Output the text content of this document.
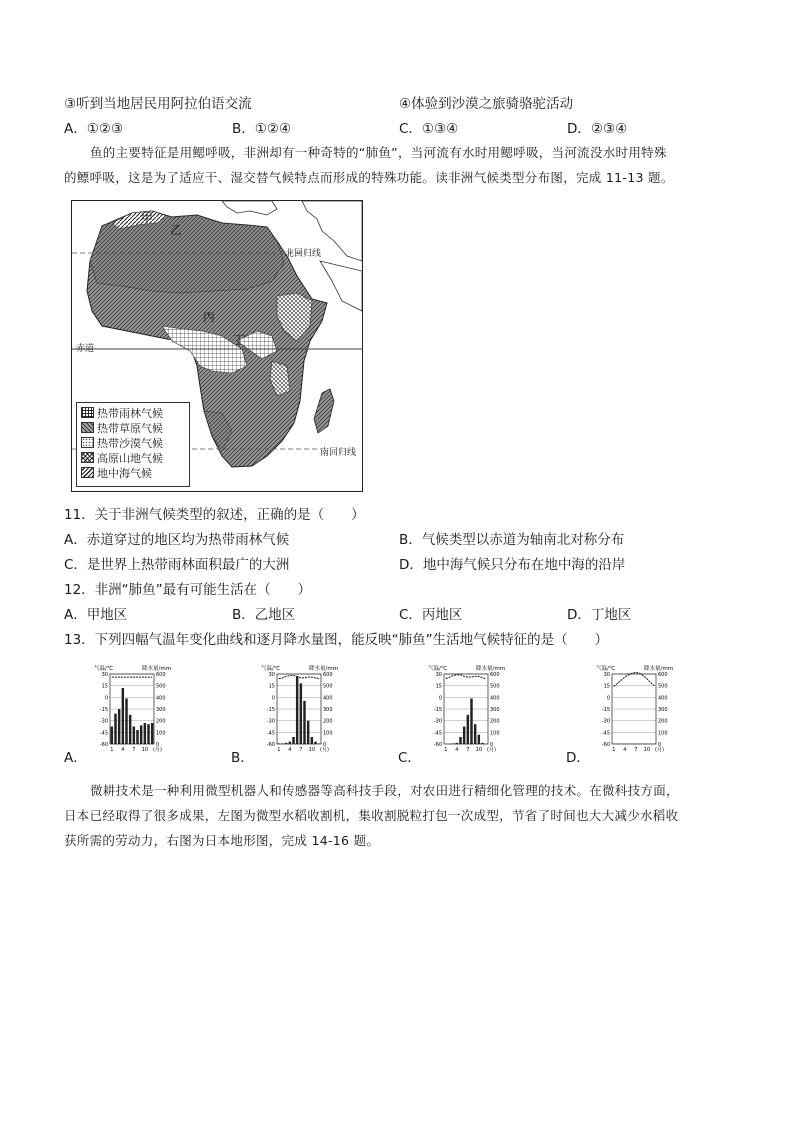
③听到当地居民用阿拉伯语交流	④体验到沙漠之旅骑骆驼活动
A．①②③	B．①②④	C．①③④	D．②③④
鱼的主要特征是用鳃呼吸，非洲却有一种奇特的“肺鱼”，当河流有水时用鳃呼吸，当河流没水时用特殊
的鳔呼吸，这是为了适应干、湿交替气候特点而形成的特殊功能。读非洲气候类型分布图，完成 11-13 题。
甲
乙
丙
丁
北回归线
赤道
南回归线
热带雨林气候
热带草原气候
热带沙漠气候
高原山地气候
地中海气候
11．关于非洲气候类型的叙述，正确的是（　　）
A．赤道穿过的地区均为热带雨林气候	B．气候类型以赤道为轴南北对称分布
C．是世界上热带雨林面积最广的大洲	D．地中海气候只分布在地中海的沿岸
12．非洲“肺鱼”最有可能生活在（　　）
A．甲地区	B．乙地区	C．丙地区	D．丁地区
13．下列四幅气温年变化曲线和逐月降水量图，能反映“肺鱼”生活地气候特征的是（　　）
A．	B．	C．	D．
气温/℃	降水量/mm
30	600
15	500
0	400
-15	300
-30	200
-45	100
-60	0
1 4 7 10 (月)
气温/℃	降水量/mm
30	600
15	500
0	400
-15	300
-30	200
-45	100
-60	0
1 4 7 10 (月)
气温/℃	降水量/mm
30	600
15	500
0	400
-15	300
-30	200
-45	100
-60	0
1 4 7 10 (月)
气温/℃	降水量/mm
30	600
15	500
0	400
-15	300
-30	200
-45	100
-60	0
1 4 7 10 (月)
微耕技术是一种利用微型机器人和传感器等高科技手段，对农田进行精细化管理的技术。在微科技方面，
日本已经取得了很多成果，左图为微型水稻收割机，集收割脱粒打包一次成型，节省了时间也大大减少水稻收
获所需的劳动力，右图为日本地形图，完成 14-16 题。
